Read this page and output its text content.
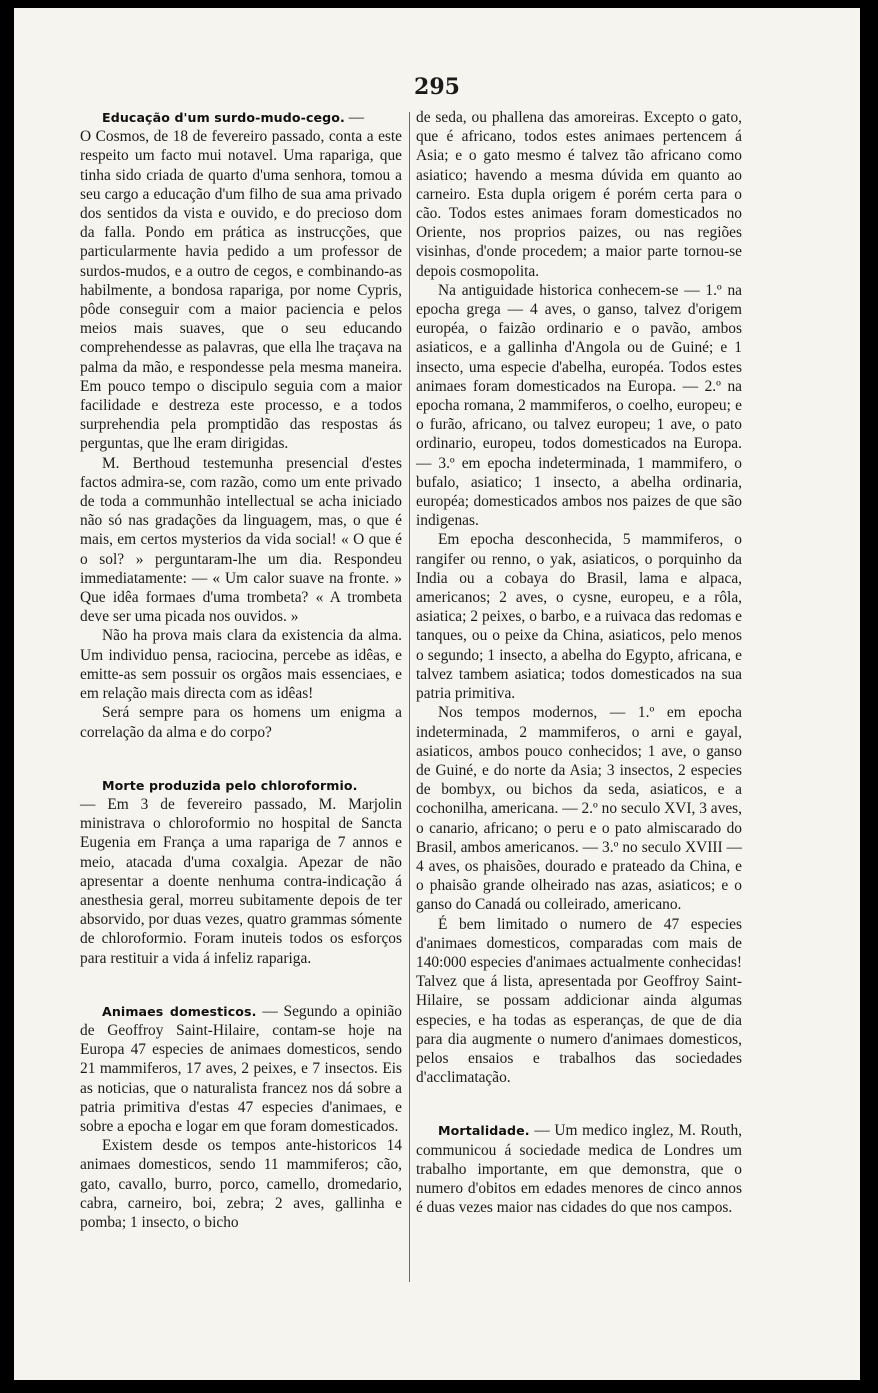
295

Educação d'um surdo-mudo-cego. —

O Cosmos, de 18 de fevereiro passado, conta a este respeito um facto mui notavel. Uma rapariga, que tinha sido criada de quarto d'uma senhora, tomou a seu cargo a educação d'um filho de sua ama privado dos sentidos da vista e ouvido, e do precioso dom da falla. Pondo em prática as instrucções, que particularmente havia pedido a um professor de surdos-mudos, e a outro de cegos, e combinando-as habilmente, a bondosa rapariga, por nome Cypris, pôde conseguir com a maior paciencia e pelos meios mais suaves, que o seu educando comprehendesse as palavras, que ella lhe traçava na palma da mão, e respondesse pela mesma maneira. Em pouco tempo o discipulo seguia com a maior facilidade e destreza este processo, e a todos surprehendia pela promptidão das respostas ás perguntas, que lhe eram dirigidas.

M. Berthoud testemunha presencial d'estes factos admira-se, com razão, como um ente privado de toda a communhão intellectual se acha iniciado não só nas gradações da linguagem, mas, o que é mais, em certos mysterios da vida social! « O que é o sol? » perguntaram-lhe um dia. Respondeu immediatamente: — « Um calor suave na fronte. » Que idêa formaes d'uma trombeta? « A trombeta deve ser uma picada nos ouvidos. »

Não ha prova mais clara da existencia da alma. Um individuo pensa, raciocina, percebe as idêas, e emitte-as sem possuir os orgãos mais essenciaes, e em relação mais directa com as idêas!

Será sempre para os homens um enigma a correlação da alma e do corpo?

Morte produzida pelo chloroformio.

— Em 3 de fevereiro passado, M. Marjolin ministrava o chloroformio no hospital de Sancta Eugenia em França a uma rapariga de 7 annos e meio, atacada d'uma coxalgia. Apezar de não apresentar a doente nenhuma contra-indicação á anesthesia geral, morreu subitamente depois de ter absorvido, por duas vezes, quatro grammas sómente de chloroformio. Foram inuteis todos os esforços para restituir a vida á infeliz rapariga.

Animaes domesticos. — Segundo a opinião de Geoffroy Saint-Hilaire, contam-se hoje na Europa 47 especies de animaes domesticos, sendo 21 mammiferos, 17 aves, 2 peixes, e 7 insectos. Eis as noticias, que o naturalista francez nos dá sobre a patria primitiva d'estas 47 especies d'animaes, e sobre a epocha e logar em que foram domesticados.

Existem desde os tempos ante-historicos 14 animaes domesticos, sendo 11 mammiferos; cão, gato, cavallo, burro, porco, camello, dromedario, cabra, carneiro, boi, zebra; 2 aves, gallinha e pomba; 1 insecto, o bicho

de seda, ou phallena das amoreiras. Excepto o gato, que é africano, todos estes animaes pertencem á Asia; e o gato mesmo é talvez tão africano como asiatico; havendo a mesma dúvida em quanto ao carneiro. Esta dupla origem é porém certa para o cão. Todos estes animaes foram domesticados no Oriente, nos proprios paizes, ou nas regiões visinhas, d'onde procedem; a maior parte tornou-se depois cosmopolita.

Na antiguidade historica conhecem-se — 1.º na epocha grega — 4 aves, o ganso, talvez d'origem européa, o faizão ordinario e o pavão, ambos asiaticos, e a gallinha d'Angola ou de Guiné; e 1 insecto, uma especie d'abelha, européa. Todos estes animaes foram domesticados na Europa. — 2.º na epocha romana, 2 mammiferos, o coelho, europeu; e o furão, africano, ou talvez europeu; 1 ave, o pato ordinario, europeu, todos domesticados na Europa. — 3.º em epocha indeterminada, 1 mammifero, o bufalo, asiatico; 1 insecto, a abelha ordinaria, européa; domesticados ambos nos paizes de que são indigenas.

Em epocha desconhecida, 5 mammiferos, o rangifer ou renno, o yak, asiaticos, o porquinho da India ou a cobaya do Brasil, lama e alpaca, americanos; 2 aves, o cysne, europeu, e a rôla, asiatica; 2 peixes, o barbo, e a ruivaca das redomas e tanques, ou o peixe da China, asiaticos, pelo menos o segundo; 1 insecto, a abelha do Egypto, africana, e talvez tambem asiatica; todos domesticados na sua patria primitiva.

Nos tempos modernos, — 1.º em epocha indeterminada, 2 mammiferos, o arni e gayal, asiaticos, ambos pouco conhecidos; 1 ave, o ganso de Guiné, e do norte da Asia; 3 insectos, 2 especies de bombyx, ou bichos da seda, asiaticos, e a cochonilha, americana. — 2.º no seculo XVI, 3 aves, o canario, africano; o peru e o pato almiscarado do Brasil, ambos americanos. — 3.º no seculo XVIII — 4 aves, os phaisões, dourado e prateado da China, e o phaisão grande olheirado nas azas, asiaticos; e o ganso do Canadá ou colleirado, americano.

É bem limitado o numero de 47 especies d'animaes domesticos, comparadas com mais de 140:000 especies d'animaes actualmente conhecidas! Talvez que á lista, apresentada por Geoffroy Saint-Hilaire, se possam addicionar ainda algumas especies, e ha todas as esperanças, de que de dia para dia augmente o numero d'animaes domesticos, pelos ensaios e trabalhos das sociedades d'acclimatação.

Mortalidade. — Um medico inglez, M. Routh, communicou á sociedade medica de Londres um trabalho importante, em que demonstra, que o numero d'obitos em edades menores de cinco annos é duas vezes maior nas cidades do que nos campos.
